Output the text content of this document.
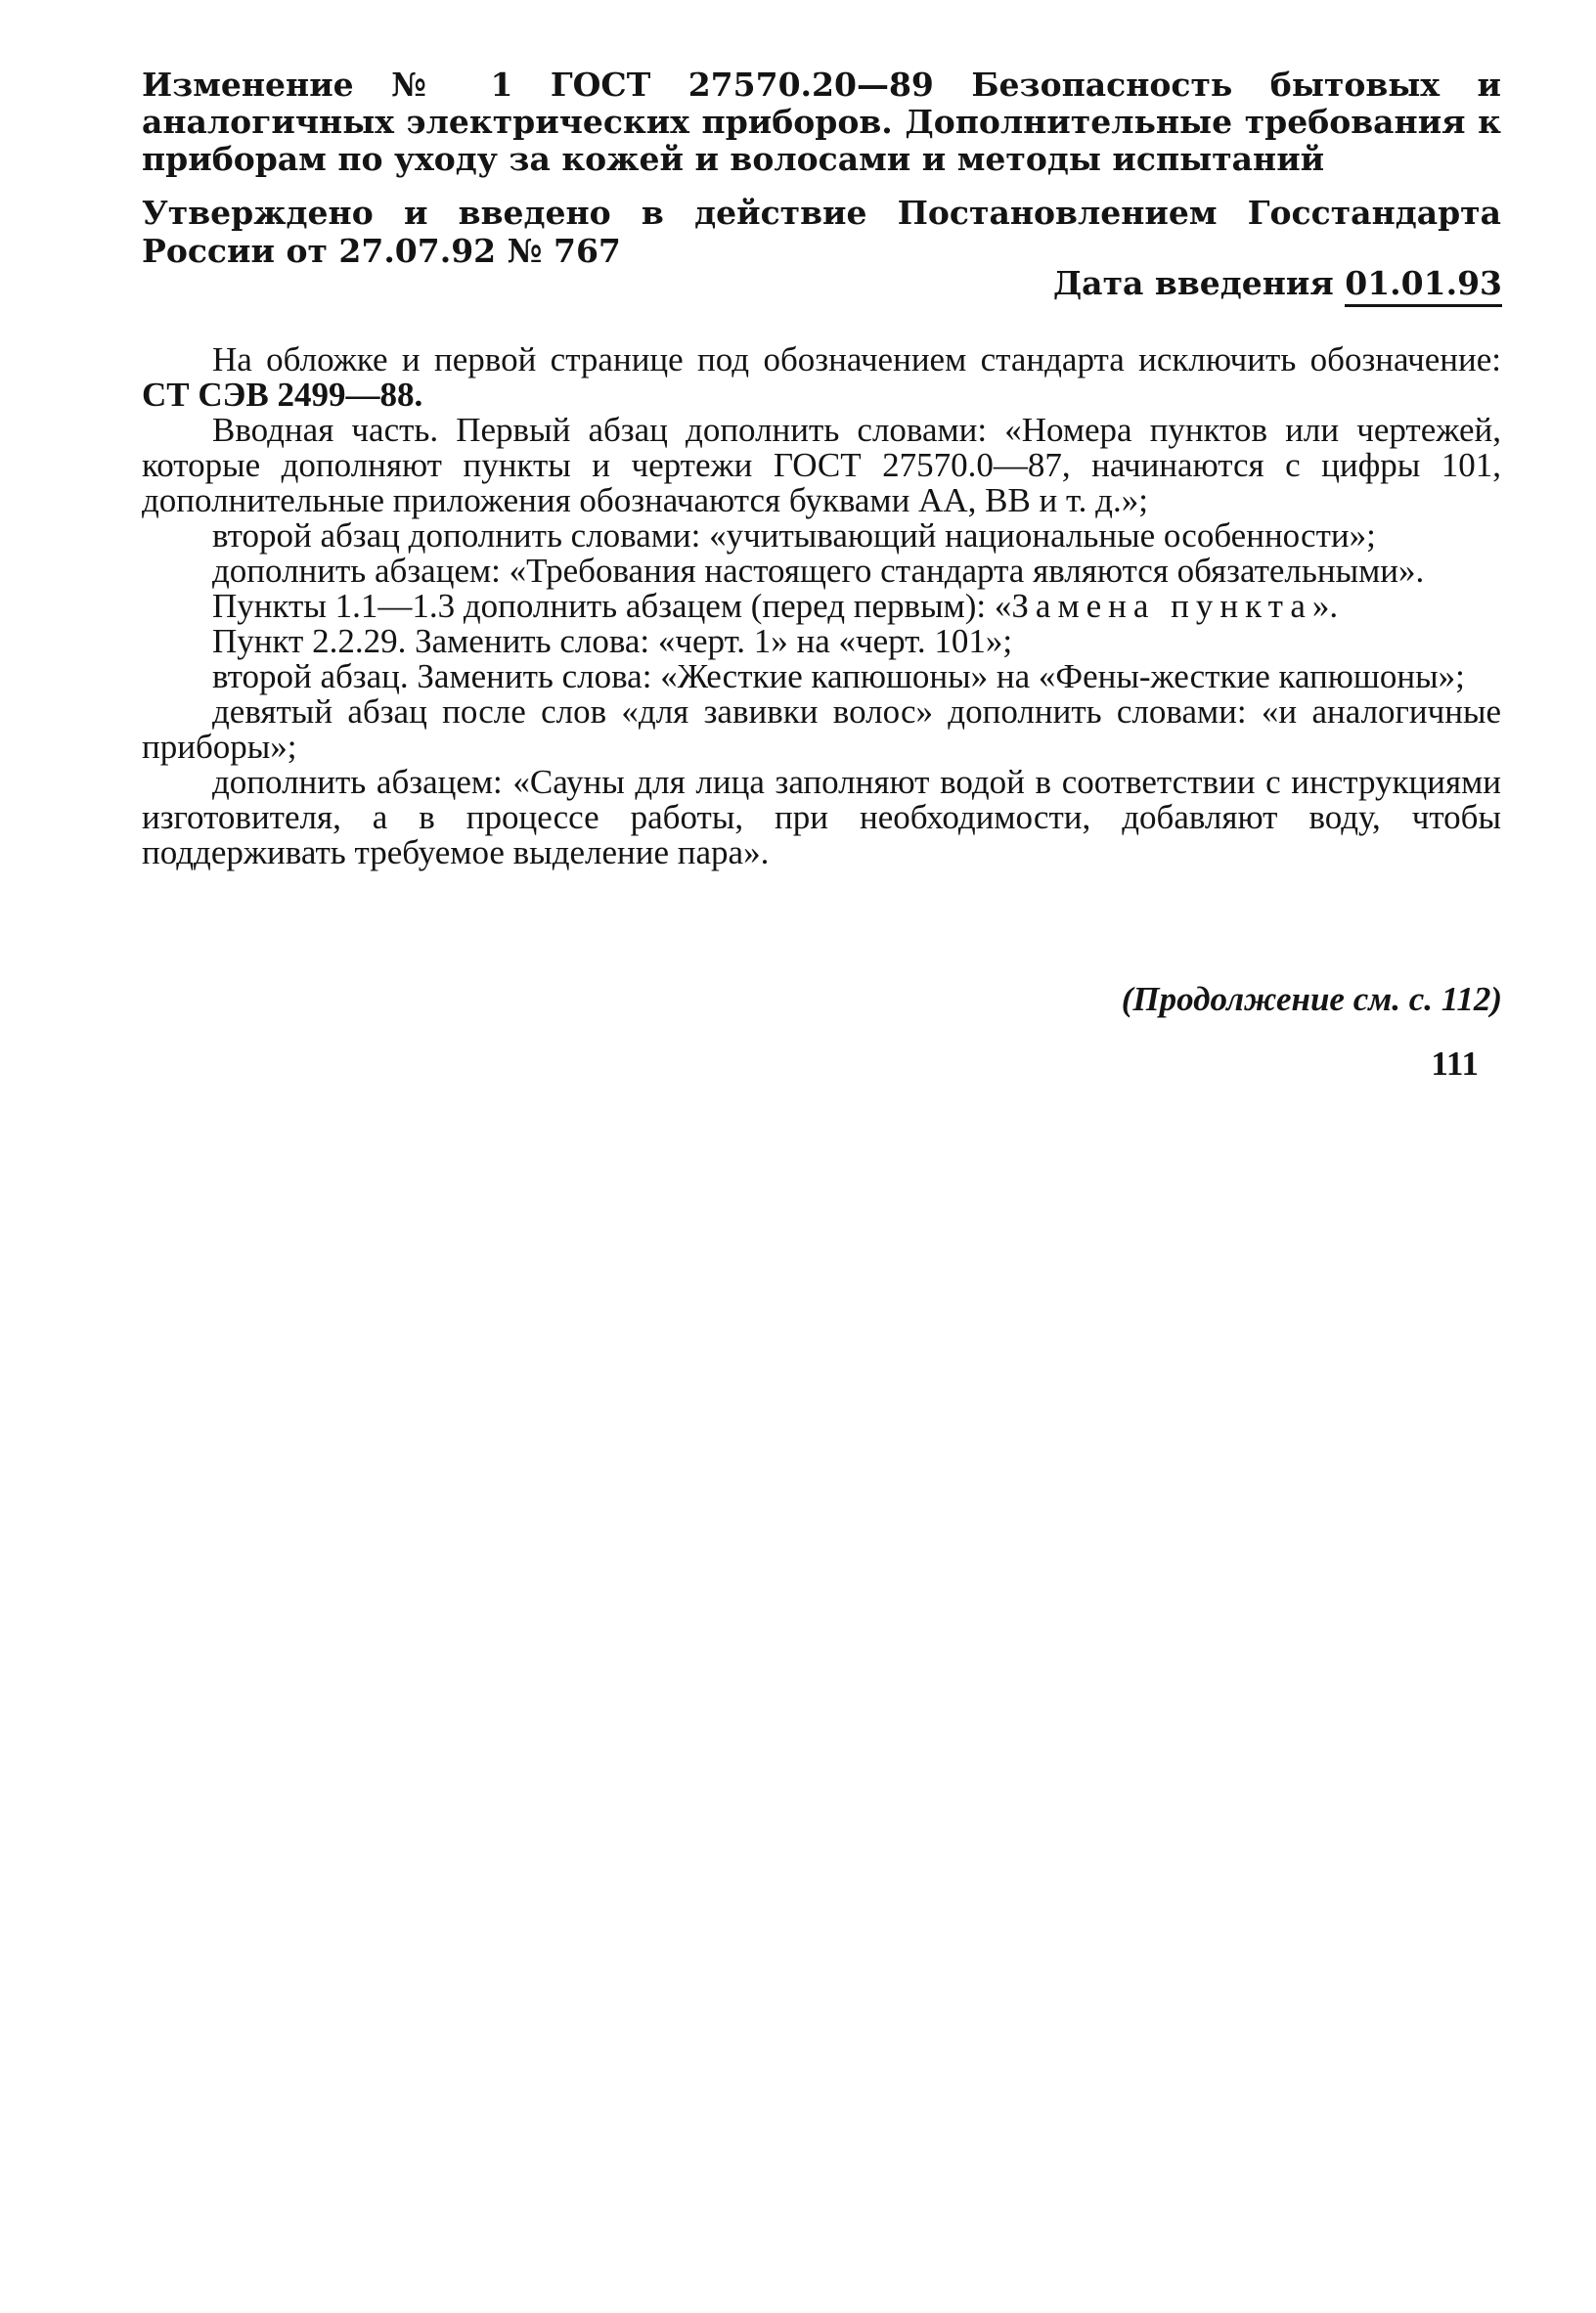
Изменение № 1 ГОСТ 27570.20—89 Безопасность бытовых и аналогичных электрических приборов. Дополнительные требования к приборам по уходу за кожей и волосами и методы испытаний
Утверждено и введено в действие Постановлением Госстандарта России от 27.07.92 № 767
Дата введения 01.01.93

На обложке и первой странице под обозначением стандарта исключить обозначение: СТ СЭВ 2499—88.

Вводная часть. Первый абзац дополнить словами: «Номера пунктов или чертежей, которые дополняют пункты и чертежи ГОСТ 27570.0—87, начинаются с цифры 101, дополнительные приложения обозначаются буквами АА, ВВ и т. д.»;

второй абзац дополнить словами: «учитывающий национальные особенности»;

дополнить абзацем: «Требования настоящего стандарта являются обязательными».

Пункты 1.1—1.3 дополнить абзацем (перед первым): «Замена пункта».

Пункт 2.2.29. Заменить слова: «черт. 1» на «черт. 101»;

второй абзац. Заменить слова: «Жесткие капюшоны» на «Фены-жесткие капюшоны»;

девятый абзац после слов «для завивки волос» дополнить словами: «и аналогичные приборы»;

дополнить абзацем: «Сауны для лица заполняют водой в соответствии с инструкциями изготовителя, а в процессе работы, при необходимости, добавляют воду, чтобы поддерживать требуемое выделение пара».

(Продолжение см. с. 112)
111
